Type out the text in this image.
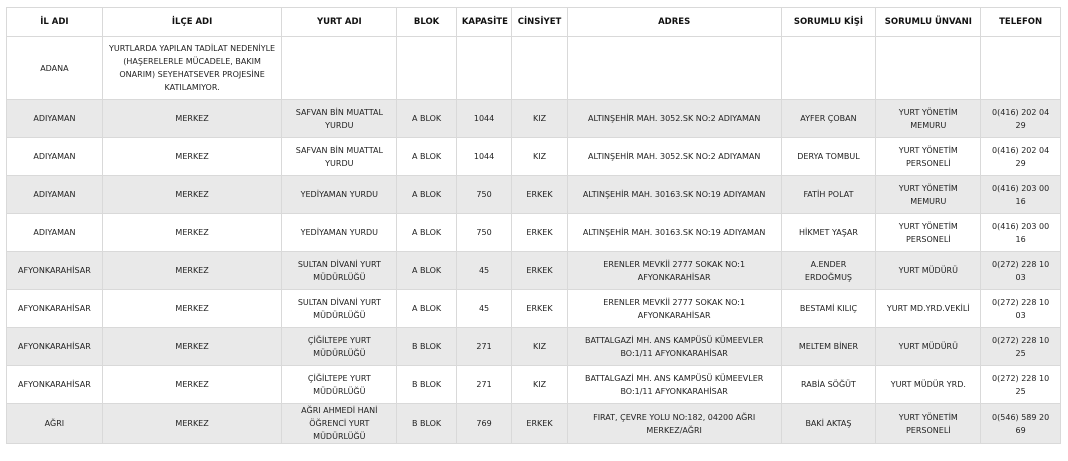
İL ADI	İLÇE ADI	YURT ADI	BLOK	KAPASİTE	CİNSİYET	ADRES	SORUMLU KİŞİ	SORUMLU ÜNVANI	TELEFON
ADANA	YURTLARDA YAPILAN TADİLAT NEDENİYLE (HAŞERELERLE MÜCADELE, BAKIM ONARIM) SEYEHATSEVER PROJESİNE KATILAMIYOR.								
ADIYAMAN	MERKEZ	SAFVAN BİN MUATTAL YURDU	A BLOK	1044	KIZ	ALTINŞEHİR MAH. 3052.SK NO:2 ADIYAMAN	AYFER ÇOBAN	YURT YÖNETİM MEMURU	0(416) 202 04 29
ADIYAMAN	MERKEZ	SAFVAN BİN MUATTAL YURDU	A BLOK	1044	KIZ	ALTINŞEHİR MAH. 3052.SK NO:2 ADIYAMAN	DERYA TOMBUL	YURT YÖNETİM PERSONELİ	0(416) 202 04 29
ADIYAMAN	MERKEZ	YEDİYAMAN YURDU	A BLOK	750	ERKEK	ALTINŞEHİR MAH. 30163.SK NO:19 ADIYAMAN	FATİH POLAT	YURT YÖNETİM MEMURU	0(416) 203 00 16
ADIYAMAN	MERKEZ	YEDİYAMAN YURDU	A BLOK	750	ERKEK	ALTINŞEHİR MAH. 30163.SK NO:19 ADIYAMAN	HİKMET YAŞAR	YURT YÖNETİM PERSONELİ	0(416) 203 00 16
AFYONKARAHİSAR	MERKEZ	SULTAN DİVANİ YURT MÜDÜRLÜĞÜ	A BLOK	45	ERKEK	ERENLER MEVKİİ 2777 SOKAK NO:1 AFYONKARAHİSAR	A.ENDER ERDOĞMUŞ	YURT MÜDÜRÜ	0(272) 228 10 03
AFYONKARAHİSAR	MERKEZ	SULTAN DİVANİ YURT MÜDÜRLÜĞÜ	A BLOK	45	ERKEK	ERENLER MEVKİİ 2777 SOKAK NO:1 AFYONKARAHİSAR	BESTAMİ KILIÇ	YURT MD.YRD.VEKİLİ	0(272) 228 10 03
AFYONKARAHİSAR	MERKEZ	ÇİĞİLTEPE YURT MÜDÜRLÜĞÜ	B BLOK	271	KIZ	BATTALGAZİ MH. ANS KAMPÜSÜ KÜMEEVLER BO:1/11 AFYONKARAHİSAR	MELTEM BİNER	YURT MÜDÜRÜ	0(272) 228 10 25
AFYONKARAHİSAR	MERKEZ	ÇİĞİLTEPE YURT MÜDÜRLÜĞÜ	B BLOK	271	KIZ	BATTALGAZİ MH. ANS KAMPÜSÜ KÜMEEVLER BO:1/11 AFYONKARAHİSAR	RABİA SÖĞÜT	YURT MÜDÜR YRD.	0(272) 228 10 25
AĞRI	MERKEZ	AĞRI AHMEDİ HANİ ÖĞRENCİ YURT MÜDÜRLÜĞÜ	B BLOK	769	ERKEK	FIRAT, ÇEVRE YOLU NO:182, 04200 AĞRI MERKEZ/AĞRI	BAKİ AKTAŞ	YURT YÖNETİM PERSONELİ	0(546) 589 20 69
